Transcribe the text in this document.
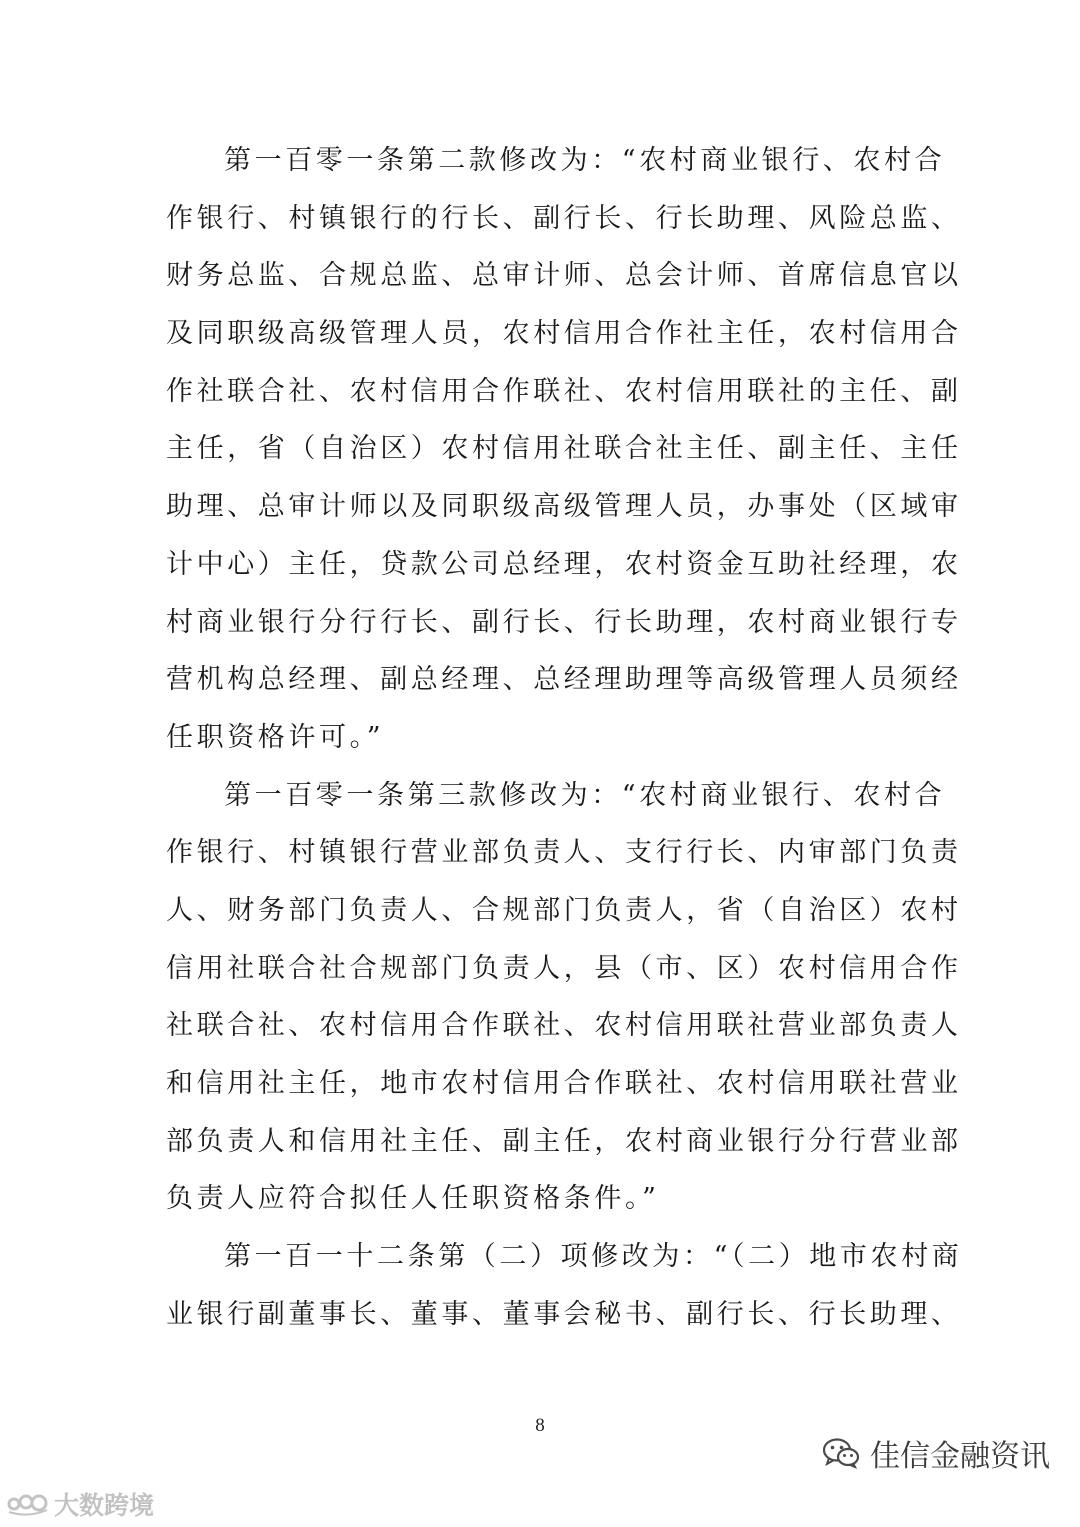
第一百零一条第二款修改为：“农村商业银行、农村合
作银行、村镇银行的行长、副行长、行长助理、风险总监、
财务总监、合规总监、总审计师、总会计师、首席信息官以
及同职级高级管理人员，农村信用合作社主任，农村信用合
作社联合社、农村信用合作联社、农村信用联社的主任、副
主任，省（自治区）农村信用社联合社主任、副主任、主任
助理、总审计师以及同职级高级管理人员，办事处（区域审
计中心）主任，贷款公司总经理，农村资金互助社经理，农
村商业银行分行行长、副行长、行长助理，农村商业银行专
营机构总经理、副总经理、总经理助理等高级管理人员须经
任职资格许可。”
第一百零一条第三款修改为：“农村商业银行、农村合
作银行、村镇银行营业部负责人、支行行长、内审部门负责
人、财务部门负责人、合规部门负责人，省（自治区）农村
信用社联合社合规部门负责人，县（市、区）农村信用合作
社联合社、农村信用合作联社、农村信用联社营业部负责人
和信用社主任，地市农村信用合作联社、农村信用联社营业
部负责人和信用社主任、副主任，农村商业银行分行营业部
负责人应符合拟任人任职资格条件。”
第一百一十二条第（二）项修改为：“（二）地市农村商
业银行副董事长、董事、董事会秘书、副行长、行长助理、
8
大数跨境
佳信金融资讯
